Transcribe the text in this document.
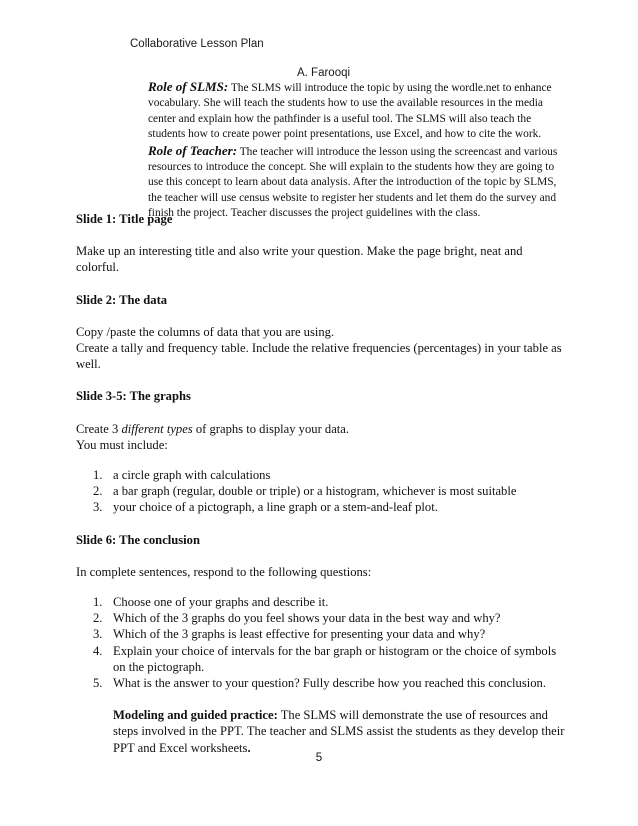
Collaborative Lesson Plan
A. Farooqi

Role of SLMS: The SLMS will introduce the topic by using the wordle.net to enhance vocabulary. She will teach the students how to use the available resources in the media center and explain how the pathfinder is a useful tool. The SLMS will also teach the students how to create power point presentations, use Excel, and how to cite the work.

Role of Teacher: The teacher will introduce the lesson using the screencast and various resources to introduce the concept. She will explain to the students how they are going to use this concept to learn about data analysis. After the introduction of the topic by SLMS, the teacher will use census website to register her students and let them do the survey and finish the project. Teacher discusses the project guidelines with the class.

Slide 1: Title page

Make up an interesting title and also write your question. Make the page bright, neat and colorful.

Slide 2: The data

Copy /paste the columns of data that you are using.

Create a tally and frequency table. Include the relative frequencies (percentages) in your table as well.

Slide 3-5: The graphs

Create 3 different types of graphs to display your data.

You must include:

1. a circle graph with calculations
2. a bar graph (regular, double or triple) or a histogram, whichever is most suitable
3. your choice of a pictograph, a line graph or a stem-and-leaf plot.

Slide 6: The conclusion

In complete sentences, respond to the following questions:

1. Choose one of your graphs and describe it.
2. Which of the 3 graphs do you feel shows your data in the best way and why?
3. Which of the 3 graphs is least effective for presenting your data and why?
4. Explain your choice of intervals for the bar graph or histogram or the choice of symbols on the pictograph.
5. What is the answer to your question? Fully describe how you reached this conclusion.

Modeling and guided practice: The SLMS will demonstrate the use of resources and steps involved in the PPT. The teacher and SLMS assist the students as they develop their PPT and Excel worksheets.

5
